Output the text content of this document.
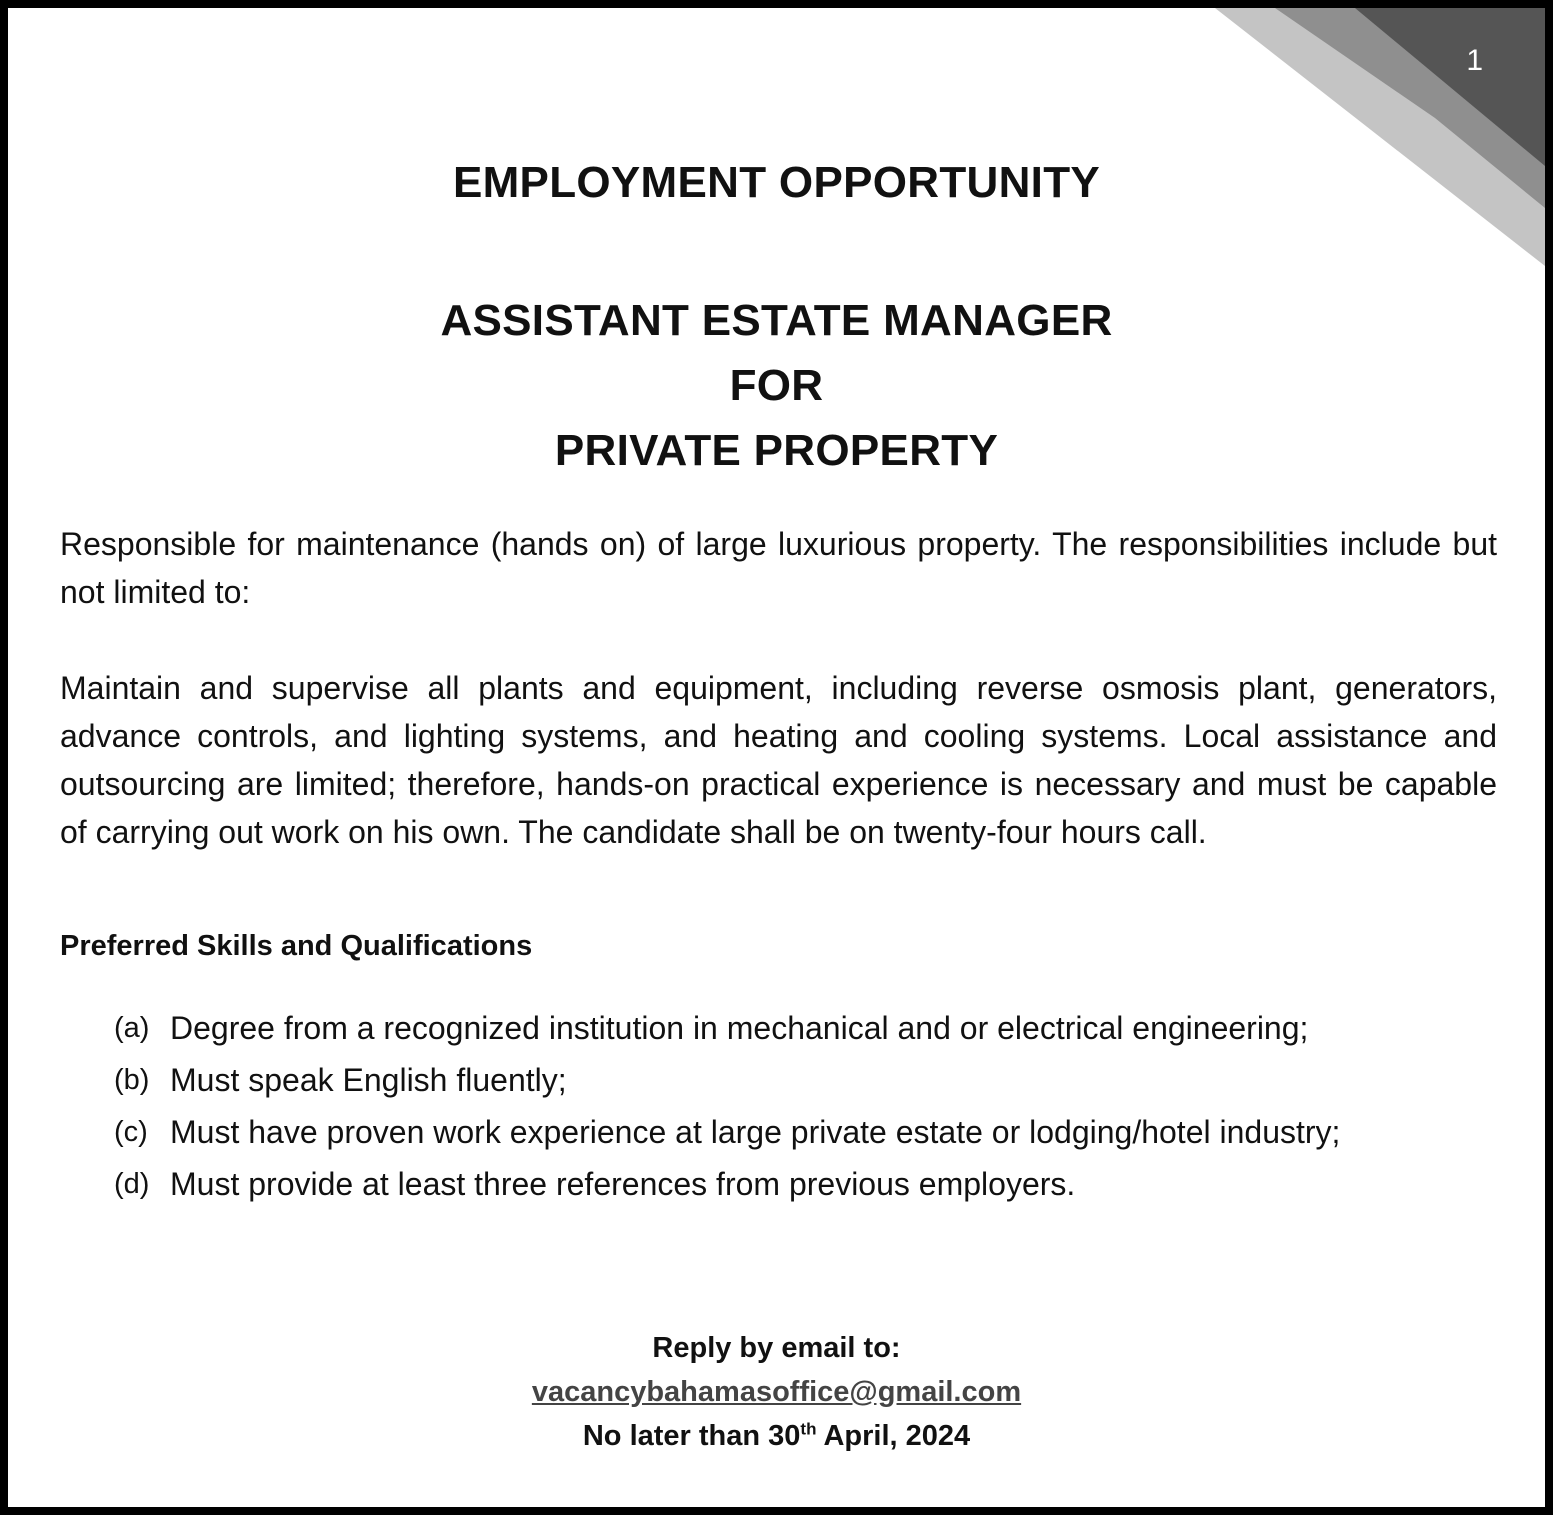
1
EMPLOYMENT OPPORTUNITY
ASSISTANT ESTATE MANAGER
FOR
PRIVATE PROPERTY
Responsible for maintenance (hands on) of large luxurious property. The responsibilities include but not limited to:
Maintain and supervise all plants and equipment, including reverse osmosis plant, generators, advance controls, and lighting systems, and heating and cooling systems. Local assistance and outsourcing are limited; therefore, hands-on practical experience is necessary and must be capable of carrying out work on his own. The candidate shall be on twenty-four hours call.
Preferred Skills and Qualifications
(a) Degree from a recognized institution in mechanical and or electrical engineering;
(b) Must speak English fluently;
(c) Must have proven work experience at large private estate or lodging/hotel industry;
(d) Must provide at least three references from previous employers.
Reply by email to:
vacancybahamasoffice@gmail.com
No later than 30th April, 2024
